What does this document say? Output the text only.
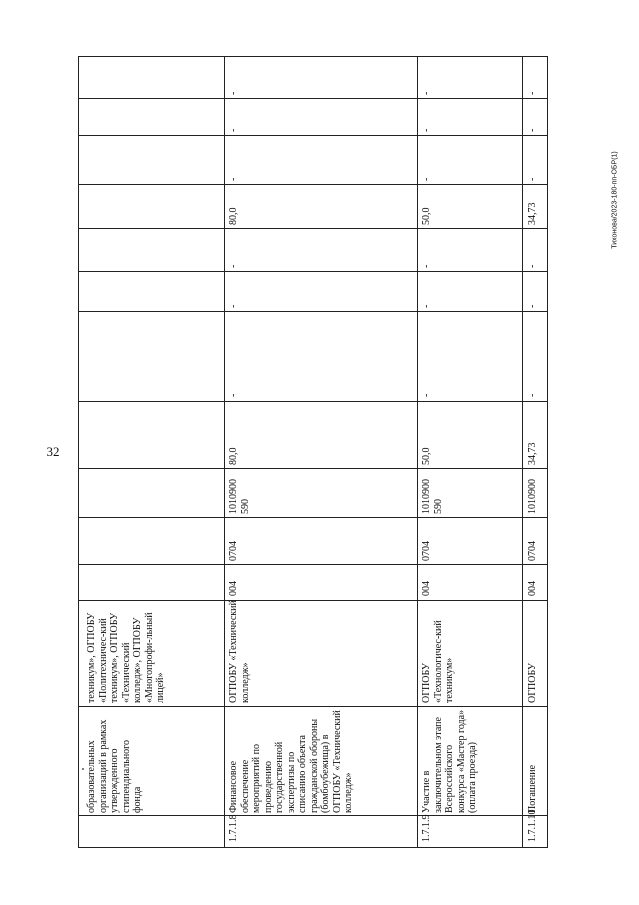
32
Тихонова/2023-180-пп-ОБР(1)
образовательных организаций в рамках утвержденного стипендиального фонда
техникум», ОГПОБУ «Политехничес-кий техникум», ОГПОБУ «Технический колледж», ОГПОБУ «Многопрофи-льный лицей»
1.7.1.8
Финансовое обеспечение мероприятий по проведению государственной экспертизы по списанию объекта гражданской обороны (бомбоубежища) в ОГПОБУ «Технический колледж»
ОГПОБУ «Технический колледж»
004
0704
1010900 590
80,0
-
-
-
80,0
-
-
-
1.7.1.9
Участие в заключительном этапе Всероссийского конкурса «Мастер года» (оплата проезда)
ОГПОБУ «Технологичес-кий техникум»
004
0704
1010900 590
50,0
-
-
-
50,0
-
-
-
1.7.1.10
Погашение
ОГПОБУ
004
0704
1010900
34,73
-
-
-
34,73
-
-
-
